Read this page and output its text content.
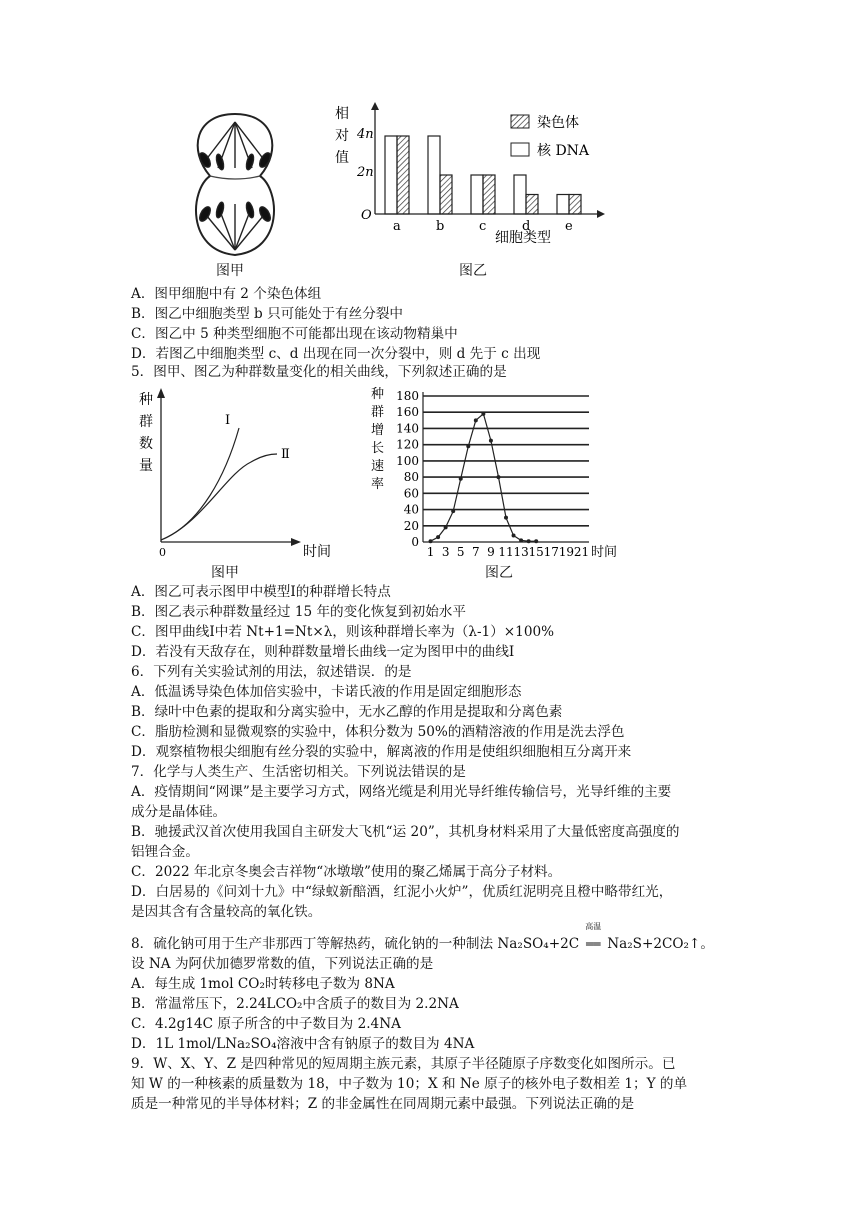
图甲
a	b	c	d	e
相
对
值
4n
2n
O
细胞类型
染色体
核 DNA
图乙
A．图甲细胞中有 2 个染色体组
B．图乙中细胞类型 b 只可能处于有丝分裂中
C．图乙中 5 种类型细胞不可能都出现在该动物精巢中
D．若图乙中细胞类型 c、d 出现在同一次分裂中，则 d 先于 c 出现
5．图甲、图乙为种群数量变化的相关曲线，下列叙述正确的是
种
群
数
量
Ⅰ
Ⅱ
0	时间
图甲
0
20
40
60
80
100
120
140
160
180
1 3 5 7 9 11 13 15 17 19 21
种
群
增
长
速
率
时间
图乙
A．图乙可表示图甲中模型Ⅰ的种群增长特点
B．图乙表示种群数量经过 15 年的变化恢复到初始水平
C．图甲曲线Ⅰ中若 Nt+1=Nt×λ，则该种群增长率为（λ-1）×100%
D．若没有天敌存在，则种群数量增长曲线一定为图甲中的曲线Ⅰ
6．下列有关实验试剂的用法，叙述错误．的是
A．低温诱导染色体加倍实验中，卡诺氏液的作用是固定细胞形态
B．绿叶中色素的提取和分离实验中，无水乙醇的作用是提取和分离色素
C．脂肪检测和显微观察的实验中，体积分数为 50%的酒精溶液的作用是洗去浮色
D．观察植物根尖细胞有丝分裂的实验中，解离液的作用是使组织细胞相互分离开来
7．化学与人类生产、生活密切相关。下列说法错误的是
A．疫情期间“网课”是主要学习方式，网络光缆是利用光导纤维传输信号，光导纤维的主要
成分是晶体硅。
B．驰援武汉首次使用我国自主研发大飞机“运 20”，其机身材料采用了大量低密度高强度的
铝锂合金。
C．2022 年北京冬奥会吉祥物“冰墩墩”使用的聚乙烯属于高分子材料。
D．白居易的《问刘十九》中“绿蚁新醅酒，红泥小火炉”，优质红泥明亮且橙中略带红光，
是因其含有含量较高的氧化铁。
8．硫化钠可用于生产非那西丁等解热药，硫化钠的一种制法 Na₂SO₄+2C
高温
══ Na₂S+2CO₂↑。
设 NA 为阿伏加德罗常数的值，下列说法正确的是
A．每生成 1mol CO₂时转移电子数为 8NA
B．常温常压下，2.24LCO₂中含质子的数目为 2.2NA
C．4.2g14C 原子所含的中子数目为 2.4NA
D．1L 1mol/LNa₂SO₄溶液中含有钠原子的数目为 4NA
9．W、X、Y、Z 是四种常见的短周期主族元素，其原子半径随原子序数变化如图所示。已
知 W 的一种核素的质量数为 18，中子数为 10；X 和 Ne 原子的核外电子数相差 1；Y 的单
质是一种常见的半导体材料；Z 的非金属性在同周期元素中最强。下列说法正确的是
